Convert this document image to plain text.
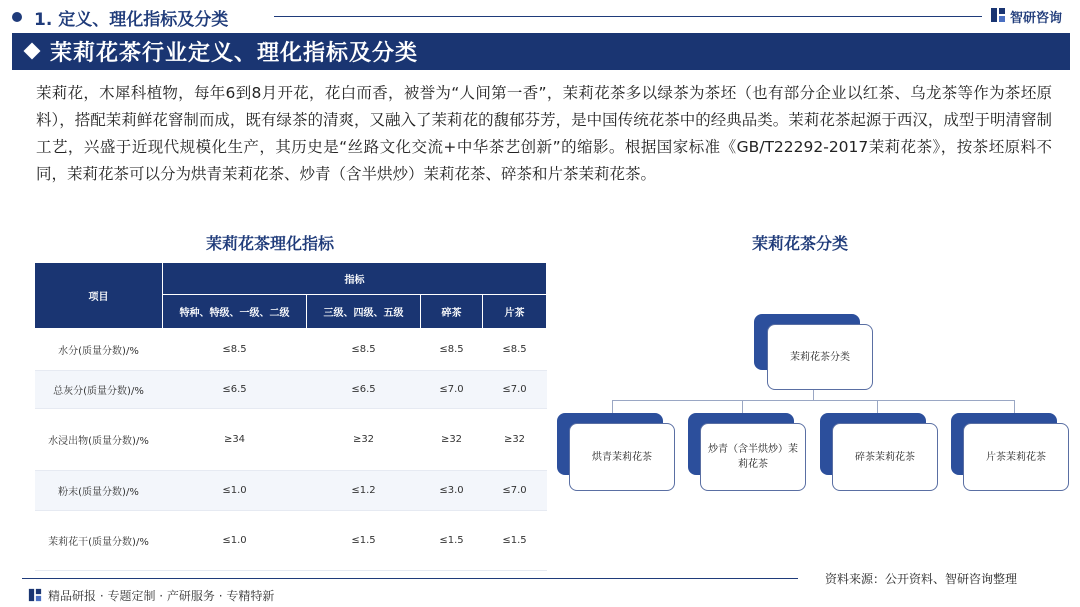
1. 定义、理化指标及分类	智研咨询
茉莉花茶行业定义、理化指标及分类

茉莉花，木犀科植物，每年6到8月开花，花白而香，被誉为“人间第一香”，茉莉花茶多以绿茶为茶坯（也有部分企业以红茶、乌龙茶等作为茶坯原料），搭配茉莉鲜花窨制而成，既有绿茶的清爽，又融入了茉莉花的馥郁芬芳，是中国传统花茶中的经典品类。茉莉花茶起源于西汉，成型于明清窨制工艺，兴盛于近现代规模化生产，其历史是“丝路文化交流+中华茶艺创新”的缩影。根据国家标准《GB/T22292-2017茉莉花茶》，按茶坯原料不同，茉莉花茶可以分为烘青茉莉花茶、炒青（含半烘炒）茉莉花茶、碎茶和片茶茉莉花茶。

茉莉花茶理化指标	茉莉花茶分类
项目	指标			
	特种、特级、一级、二级	三级、四级、五级	碎茶	片茶
水分(质量分数)/%	≤8.5	≤8.5	≤8.5	≤8.5
总灰分(质量分数)/%	≤6.5	≤6.5	≤7.0	≤7.0
水浸出物(质量分数)/%	≥34	≥32	≥32	≥32
粉末(质量分数)/%	≤1.0	≤1.2	≤3.0	≤7.0
茉莉花干(质量分数)/%	≤1.0	≤1.5	≤1.5	≤1.5
茉莉花茶分类
烘青茉莉花茶
炒青（含半烘炒）茉莉花茶
碎茶茉莉花茶	片茶茉莉花茶
资料来源：公开资料、智研咨询整理
精品研报 · 专题定制 · 产研服务 · 专精特新
